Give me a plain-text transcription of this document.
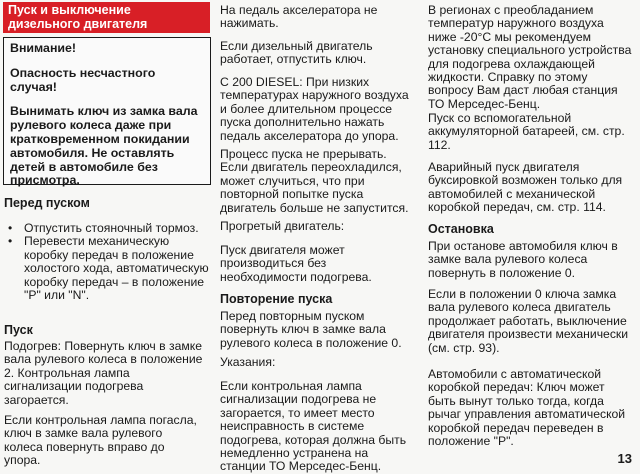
Пуск и выключение дизельного двигателя

Внимание!

Опасность несчастного случая!

Вынимать ключ из замка вала рулевого колеса даже при кратковременном покидании автомобиля. Не оставлять детей в автомобиле без присмотра.

Перед пуском

• Отпустить стояночный тормоз.
• Перевести механическую коробку передач в положение холостого хода, автоматическую коробку передач – в положение "P" или "N".

Пуск

Подогрев: Повернуть ключ в замке вала рулевого колеса в положение 2. Контрольная лампа сигнализации подогрева загорается.

Если контрольная лампа погасла, ключ в замке вала рулевого колеса повернуть вправо до упора.

На педаль акселератора не нажимать.

Если дизельный двигатель работает, отпустить ключ.

С 200 DIESEL: При низких температурах наружного воздуха и более длительном процессе пуска дополнительно нажать педаль акселератора до упора.

Процесс пуска не прерывать. Если двигатель переохладился, может случиться, что при повторной попытке пуска двигатель больше не запустится.

Прогретый двигатель:

Пуск двигателя может производиться без необходимости подогрева.

Повторение пуска

Перед повторным пуском повернуть ключ в замке вала рулевого колеса в положение 0.

Указания:

Если контрольная лампа сигнализации подогрева не загорается, то имеет место неисправность в системе подогрева, которая должна быть немедленно устранена на станции ТО Мерседес-Бенц.

В регионах с преобладанием температур наружного воздуха ниже -20°C мы рекомендуем установку специального устройства для подогрева охлаждающей жидкости. Справку по этому вопросу Вам даст любая станция ТО Мерседес-Бенц.

Пуск со вспомогательной аккумуляторной батареей, см. стр. 112.

Аварийный пуск двигателя буксировкой возможен только для автомобилей с механической коробкой передач, см. стр. 114.

Остановка

При останове автомобиля ключ в замке вала рулевого колеса повернуть в положение 0.

Если в положении 0 ключа замка вала рулевого колеса двигатель продолжает работать, выключение двигателя произвести механически (см. стр. 93).

Автомобили с автоматической коробкой передач: Ключ может быть вынут только тогда, когда рычаг управления автоматической коробкой передач переведен в положение "P".

13
